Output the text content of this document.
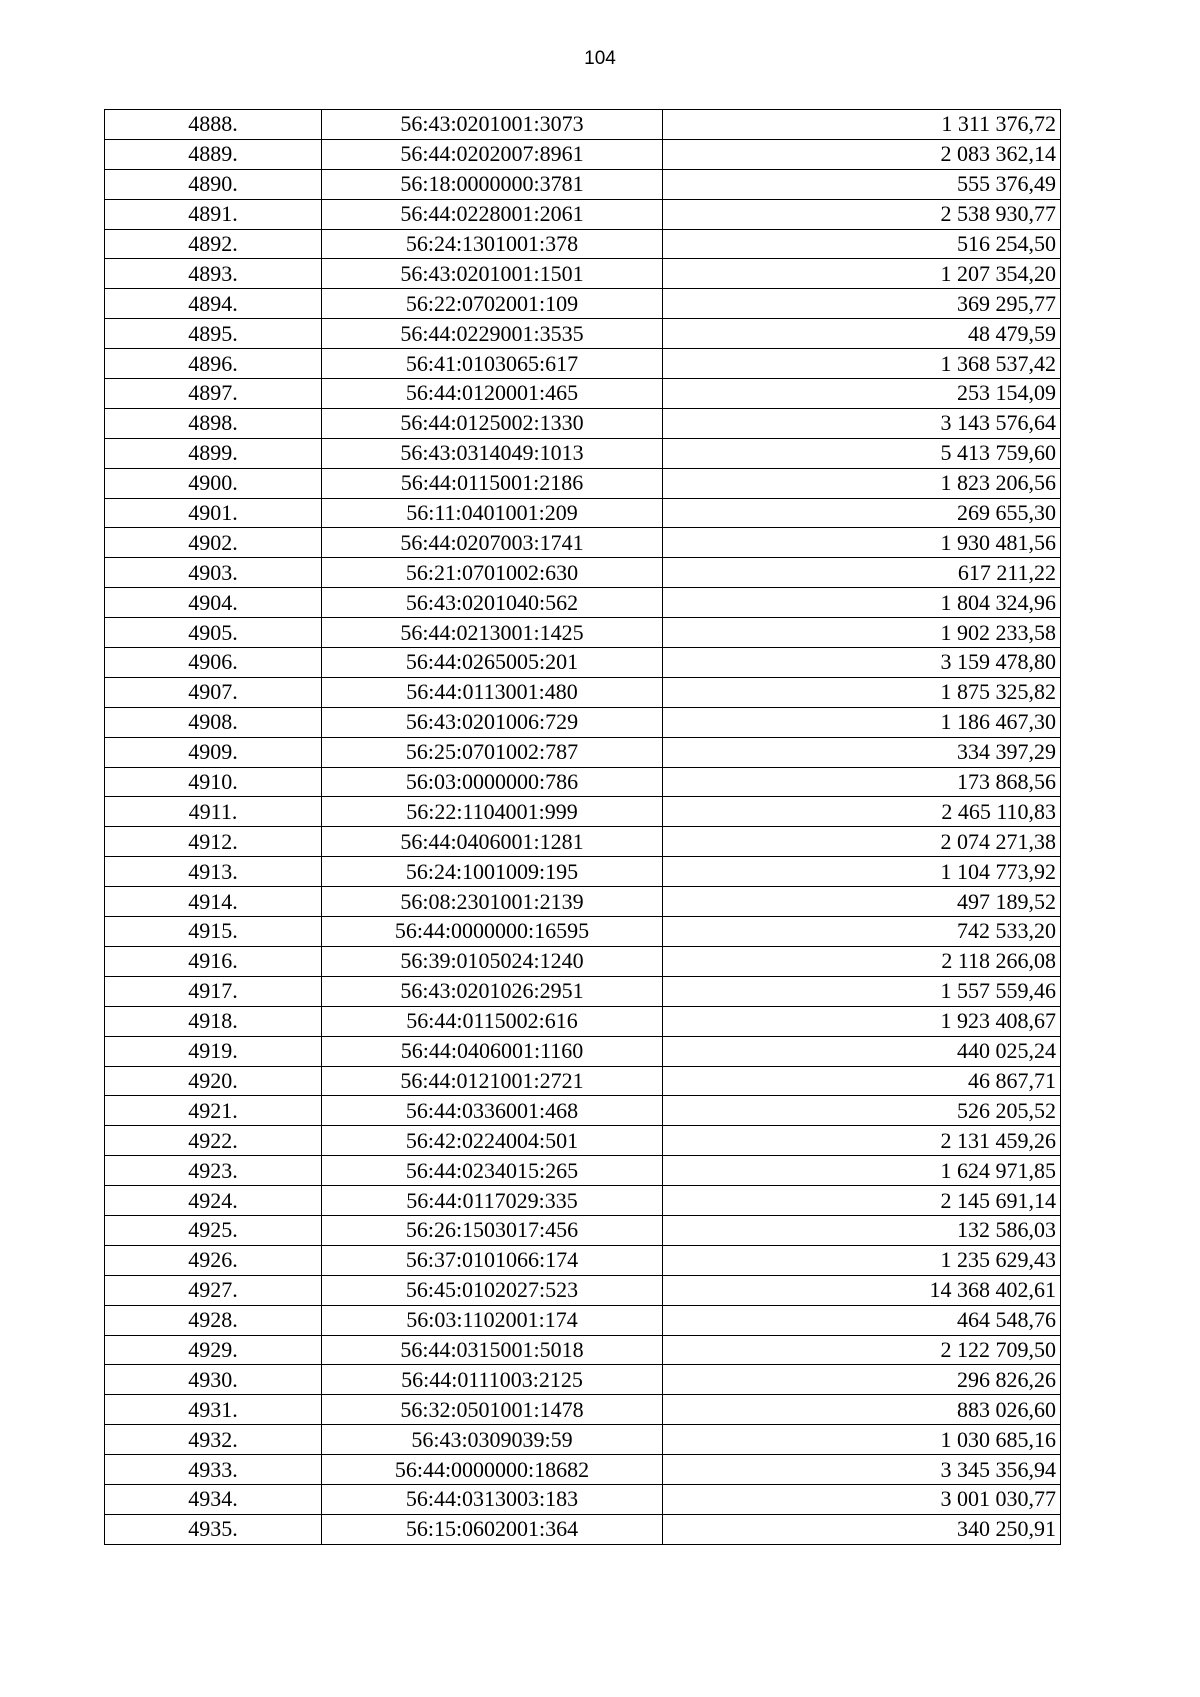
104
4888.	56:43:0201001:3073	1 311 376,72
4889.	56:44:0202007:8961	2 083 362,14
4890.	56:18:0000000:3781	555 376,49
4891.	56:44:0228001:2061	2 538 930,77
4892.	56:24:1301001:378	516 254,50
4893.	56:43:0201001:1501	1 207 354,20
4894.	56:22:0702001:109	369 295,77
4895.	56:44:0229001:3535	48 479,59
4896.	56:41:0103065:617	1 368 537,42
4897.	56:44:0120001:465	253 154,09
4898.	56:44:0125002:1330	3 143 576,64
4899.	56:43:0314049:1013	5 413 759,60
4900.	56:44:0115001:2186	1 823 206,56
4901.	56:11:0401001:209	269 655,30
4902.	56:44:0207003:1741	1 930 481,56
4903.	56:21:0701002:630	617 211,22
4904.	56:43:0201040:562	1 804 324,96
4905.	56:44:0213001:1425	1 902 233,58
4906.	56:44:0265005:201	3 159 478,80
4907.	56:44:0113001:480	1 875 325,82
4908.	56:43:0201006:729	1 186 467,30
4909.	56:25:0701002:787	334 397,29
4910.	56:03:0000000:786	173 868,56
4911.	56:22:1104001:999	2 465 110,83
4912.	56:44:0406001:1281	2 074 271,38
4913.	56:24:1001009:195	1 104 773,92
4914.	56:08:2301001:2139	497 189,52
4915.	56:44:0000000:16595	742 533,20
4916.	56:39:0105024:1240	2 118 266,08
4917.	56:43:0201026:2951	1 557 559,46
4918.	56:44:0115002:616	1 923 408,67
4919.	56:44:0406001:1160	440 025,24
4920.	56:44:0121001:2721	46 867,71
4921.	56:44:0336001:468	526 205,52
4922.	56:42:0224004:501	2 131 459,26
4923.	56:44:0234015:265	1 624 971,85
4924.	56:44:0117029:335	2 145 691,14
4925.	56:26:1503017:456	132 586,03
4926.	56:37:0101066:174	1 235 629,43
4927.	56:45:0102027:523	14 368 402,61
4928.	56:03:1102001:174	464 548,76
4929.	56:44:0315001:5018	2 122 709,50
4930.	56:44:0111003:2125	296 826,26
4931.	56:32:0501001:1478	883 026,60
4932.	56:43:0309039:59	1 030 685,16
4933.	56:44:0000000:18682	3 345 356,94
4934.	56:44:0313003:183	3 001 030,77
4935.	56:15:0602001:364	340 250,91
